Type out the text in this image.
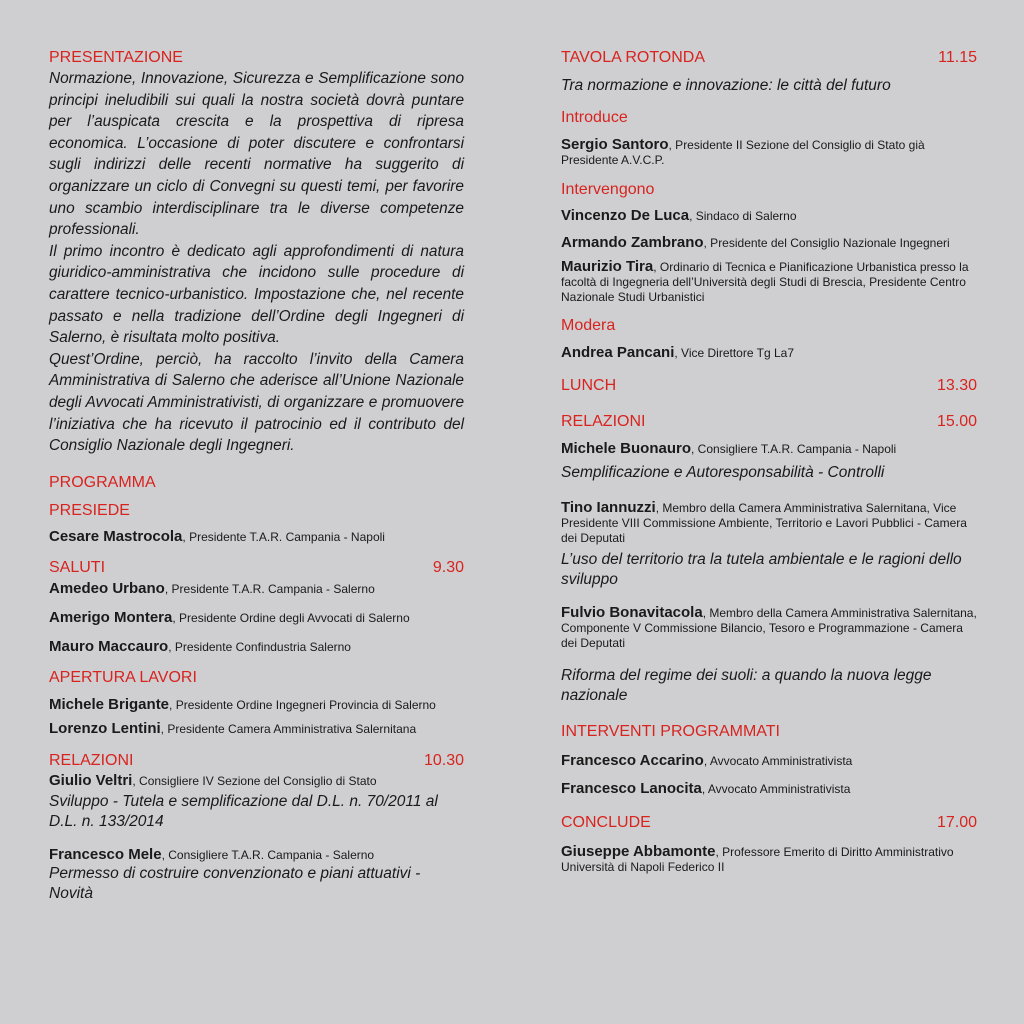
PRESENTAZIONE

Normazione, Innovazione, Sicurezza e Semplificazione sono principi ineludibili sui quali la nostra società dovrà puntare per l’auspicata crescita e la prospettiva di ripresa economica. L’occasione di poter discutere e confrontarsi sugli indirizzi delle recenti normative ha suggerito di organizzare un ciclo di Convegni su questi temi, per favorire uno scambio interdisciplinare tra le diverse competenze professionali.

Il primo incontro è dedicato agli approfondimenti di natura giuridico-amministrativa che incidono sulle procedure di carattere tecnico-urbanistico. Impostazione che, nel recente passato e nella tradizione dell’Ordine degli Ingegneri di Salerno, è risultata molto positiva.

Quest’Ordine, perciò, ha raccolto l’invito della Camera Amministrativa di Salerno che aderisce all’Unione Nazionale degli Avvocati Amministrativisti, di organizzare e promuovere l’iniziativa che ha ricevuto il patrocinio ed il contributo del Consiglio Nazionale degli Ingegneri.

PROGRAMMA
PRESIEDE
Cesare Mastrocola, Presidente T.A.R. Campania - Napoli
SALUTI	9.30
Amedeo Urbano, Presidente T.A.R. Campania - Salerno
Amerigo Montera, Presidente Ordine degli Avvocati di Salerno
Mauro Maccauro, Presidente Confindustria Salerno
APERTURA LAVORI
Michele Brigante, Presidente Ordine Ingegneri Provincia di Salerno
Lorenzo Lentini, Presidente Camera Amministrativa Salernitana
RELAZIONI	10.30
Giulio Veltri, Consigliere IV Sezione del Consiglio di Stato
Sviluppo - Tutela e semplificazione dal D.L. n. 70/2011 al D.L. n. 133/2014
Francesco Mele, Consigliere T.A.R. Campania - Salerno
Permesso di costruire convenzionato e piani attuativi - Novità
TAVOLA ROTONDA	11.15
Tra normazione e innovazione: le città del futuro
Introduce
Sergio Santoro, Presidente II Sezione del Consiglio di Stato già Presidente A.V.C.P.
Intervengono
Vincenzo De Luca, Sindaco di Salerno
Armando Zambrano, Presidente del Consiglio Nazionale Ingegneri
Maurizio Tira, Ordinario di Tecnica e Pianificazione Urbanistica presso la facoltà di Ingegneria dell’Università degli Studi di Brescia, Presidente Centro Nazionale Studi Urbanistici
Modera
Andrea Pancani, Vice Direttore Tg La7
LUNCH	13.30
RELAZIONI	15.00
Michele Buonauro, Consigliere T.A.R. Campania - Napoli
Semplificazione e Autoresponsabilità - Controlli
Tino Iannuzzi, Membro della Camera Amministrativa Salernitana, Vice Presidente VIII Commissione Ambiente, Territorio e Lavori Pubblici - Camera dei Deputati
L’uso del territorio tra la tutela ambientale e le ragioni dello sviluppo
Fulvio Bonavitacola, Membro della Camera Amministrativa Salernitana, Componente V Commissione Bilancio, Tesoro e Programmazione - Camera dei Deputati
Riforma del regime dei suoli: a quando la nuova legge nazionale
INTERVENTI PROGRAMMATI
Francesco Accarino, Avvocato Amministrativista
Francesco Lanocita, Avvocato Amministrativista
CONCLUDE	17.00
Giuseppe Abbamonte, Professore Emerito di Diritto Amministrativo Università di Napoli Federico II
